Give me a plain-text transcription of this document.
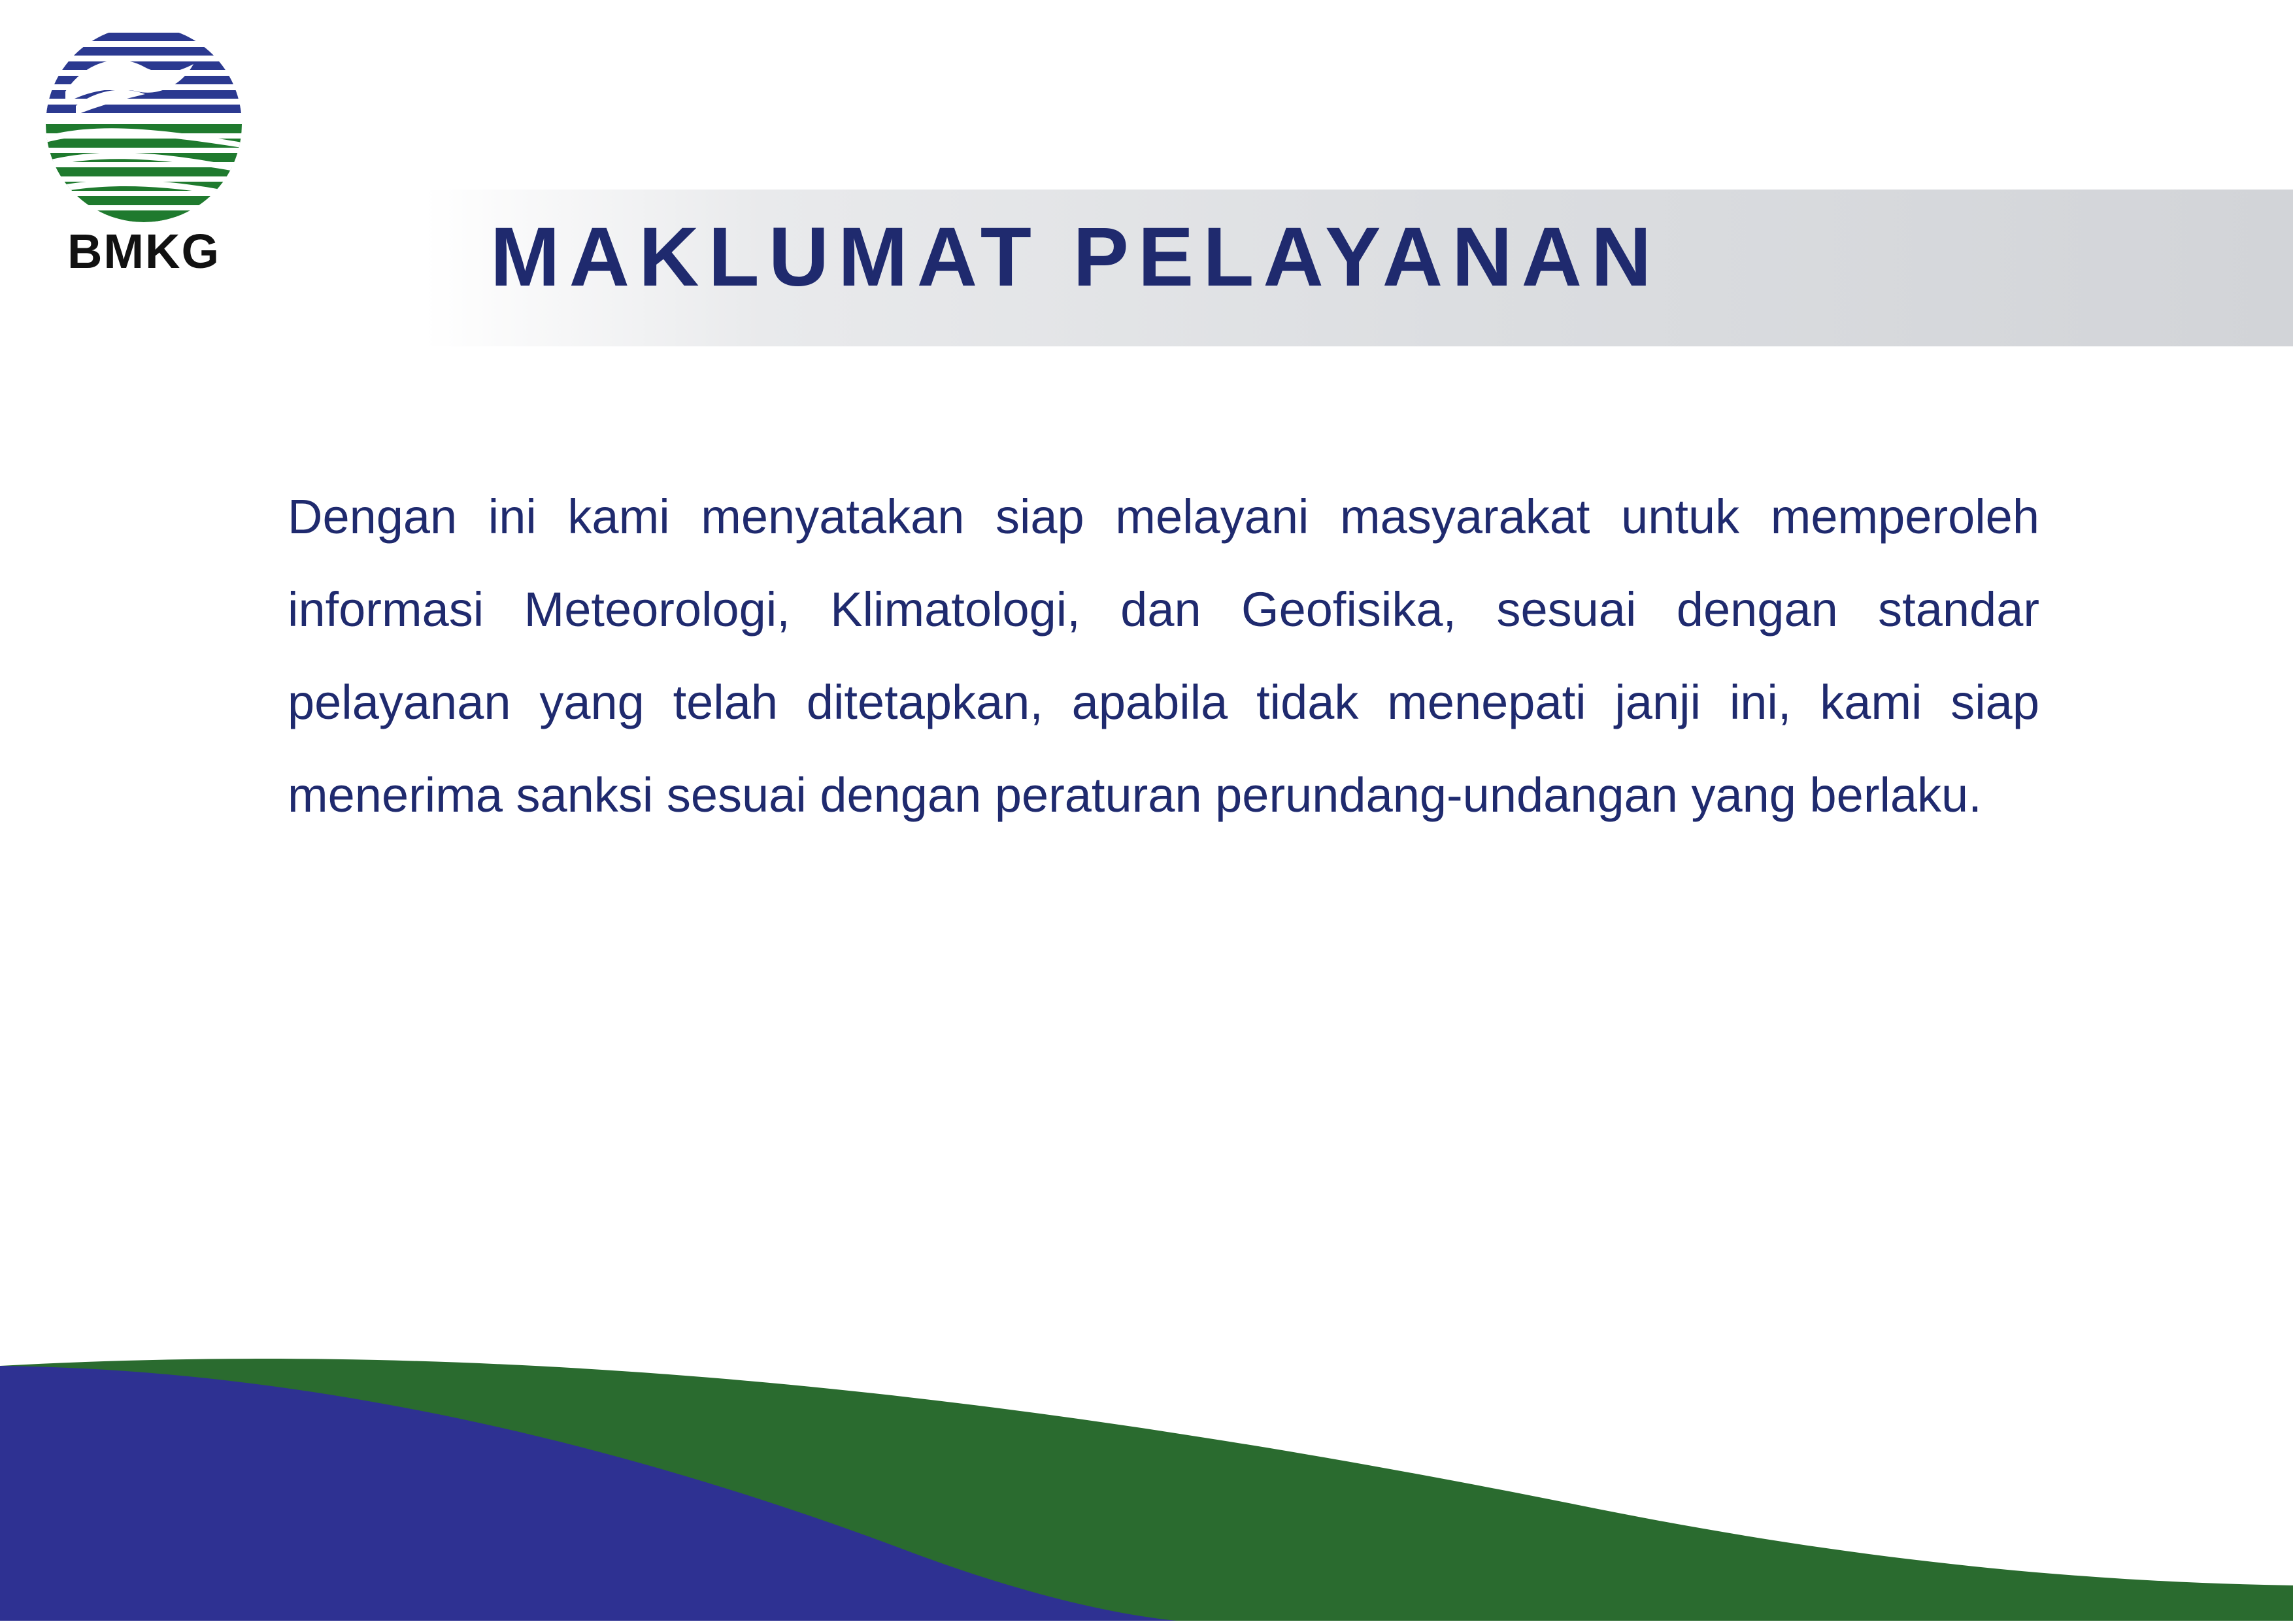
BMKG	MAKLUMAT PELAYANAN
Dengan ini kami menyatakan siap melayani masyarakat untuk memperoleh informasi Meteorologi, Klimatologi, dan Geofisika, sesuai dengan standar pelayanan yang telah ditetapkan, apabila tidak menepati janji ini, kami siap menerima sanksi sesuai dengan peraturan perundang-undangan yang berlaku.
